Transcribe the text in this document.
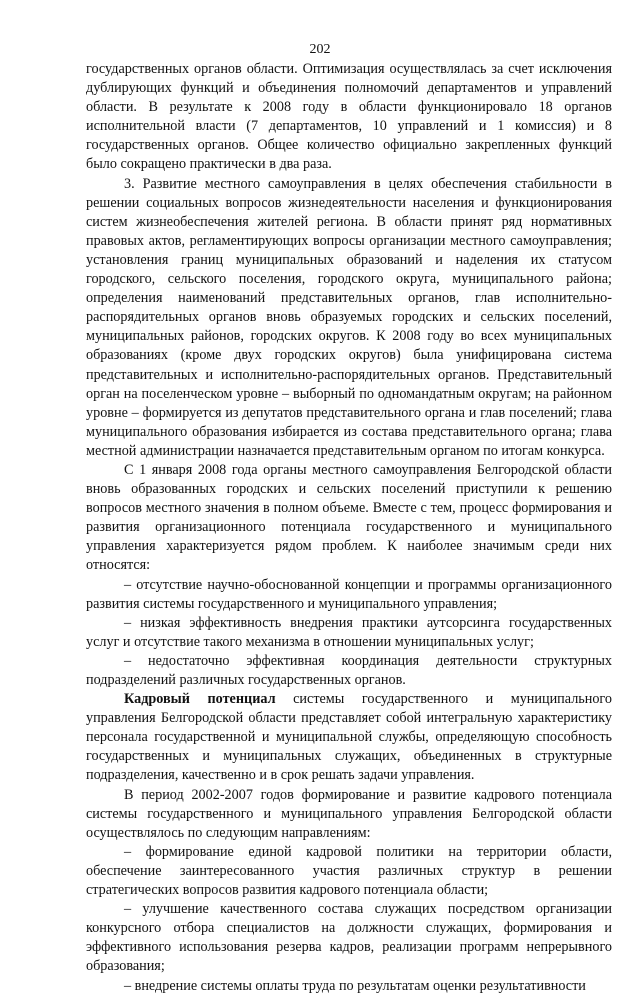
202

государственных органов области. Оптимизация осуществлялась за счет исключения дублирующих функций и объединения полномочий департаментов и управлений области. В результате к 2008 году в области функционировало 18 органов исполнительной власти (7 департаментов, 10 управлений и 1 комиссия) и 8 государственных органов. Общее количество официально закрепленных функций было сокращено практически в два раза.

3. Развитие местного самоуправления в целях обеспечения стабильности в решении социальных вопросов жизнедеятельности населения и функционирования систем жизнеобеспечения жителей региона. В области принят ряд нормативных правовых актов, регламентирующих вопросы организации местного самоуправления; установления границ муниципальных образований и наделения их статусом городского, сельского поселения, городского округа, муниципального района; определения наименований представительных органов, глав исполнительно-распорядительных органов вновь образуемых городских и сельских поселений, муниципальных районов, городских округов. К 2008 году во всех муниципальных образованиях (кроме двух городских округов) была унифицирована система представительных и исполнительно-распорядительных органов. Представительный орган на поселенческом уровне – выборный по одномандатным округам; на районном уровне – формируется из депутатов представительного органа и глав поселений; глава муниципального образования избирается из состава представительного органа; глава местной администрации назначается представительным органом по итогам конкурса.

С 1 января 2008 года органы местного самоуправления Белгородской области вновь образованных городских и сельских поселений приступили к решению вопросов местного значения в полном объеме. Вместе с тем, процесс формирования и развития организационного потенциала государственного и муниципального управления характеризуется рядом проблем. К наиболее значимым среди них относятся:

– отсутствие научно-обоснованной концепции и программы организационного развития системы государственного и муниципального управления;

– низкая эффективность внедрения практики аутсорсинга государственных услуг и отсутствие такого механизма в отношении муниципальных услуг;

– недостаточно эффективная координация деятельности структурных подразделений различных государственных органов.

Кадровый потенциал системы государственного и муниципального управления Белгородской области представляет собой интегральную характеристику персонала государственной и муниципальной службы, определяющую способность государственных и муниципальных служащих, объединенных в структурные подразделения, качественно и в срок решать задачи управления.

В период 2002-2007 годов формирование и развитие кадрового потенциала системы государственного и муниципального управления Белгородской области осуществлялось по следующим направлениям:

– формирование единой кадровой политики на территории области, обеспечение заинтересованного участия различных структур в решении стратегических вопросов развития кадрового потенциала области;

– улучшение качественного состава служащих посредством организации конкурсного отбора специалистов на должности служащих, формирования и эффективного использования резерва кадров, реализации программ непрерывного образования;

– внедрение системы оплаты труда по результатам оценки результативности
